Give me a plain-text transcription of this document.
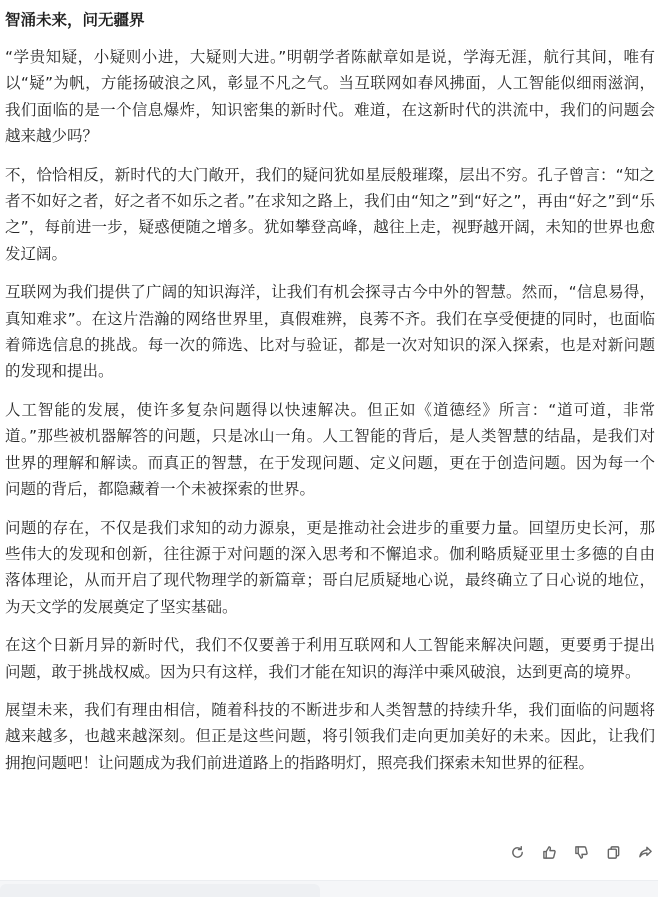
智涌未来，问无疆界

“学贵知疑，小疑则小进，大疑则大进。”明朝学者陈献章如是说，学海无涯，航行其间，唯有以“疑”为帆，方能扬破浪之风，彰显不凡之气。当互联网如春风拂面，人工智能似细雨滋润，我们面临的是一个信息爆炸，知识密集的新时代。难道，在这新时代的洪流中，我们的问题会越来越少吗？

不，恰恰相反，新时代的大门敞开，我们的疑问犹如星辰般璀璨，层出不穷。孔子曾言：“知之者不如好之者，好之者不如乐之者。”在求知之路上，我们由“知之”到“好之”，再由“好之”到“乐之”，每前进一步，疑惑便随之增多。犹如攀登高峰，越往上走，视野越开阔，未知的世界也愈发辽阔。

互联网为我们提供了广阔的知识海洋，让我们有机会探寻古今中外的智慧。然而，“信息易得，真知难求”。在这片浩瀚的网络世界里，真假难辨，良莠不齐。我们在享受便捷的同时，也面临着筛选信息的挑战。每一次的筛选、比对与验证，都是一次对知识的深入探索，也是对新问题的发现和提出。

人工智能的发展，使许多复杂问题得以快速解决。但正如《道德经》所言：“道可道，非常道。”那些被机器解答的问题，只是冰山一角。人工智能的背后，是人类智慧的结晶，是我们对世界的理解和解读。而真正的智慧，在于发现问题、定义问题，更在于创造问题。因为每一个问题的背后，都隐藏着一个未被探索的世界。

问题的存在，不仅是我们求知的动力源泉，更是推动社会进步的重要力量。回望历史长河，那些伟大的发现和创新，往往源于对问题的深入思考和不懈追求。伽利略质疑亚里士多德的自由落体理论，从而开启了现代物理学的新篇章；哥白尼质疑地心说，最终确立了日心说的地位，为天文学的发展奠定了坚实基础。

在这个日新月异的新时代，我们不仅要善于利用互联网和人工智能来解决问题，更要勇于提出问题，敢于挑战权威。因为只有这样，我们才能在知识的海洋中乘风破浪，达到更高的境界。

展望未来，我们有理由相信，随着科技的不断进步和人类智慧的持续升华，我们面临的问题将越来越多，也越来越深刻。但正是这些问题，将引领我们走向更加美好的未来。因此，让我们拥抱问题吧！让问题成为我们前进道路上的指路明灯，照亮我们探索未知世界的征程。
